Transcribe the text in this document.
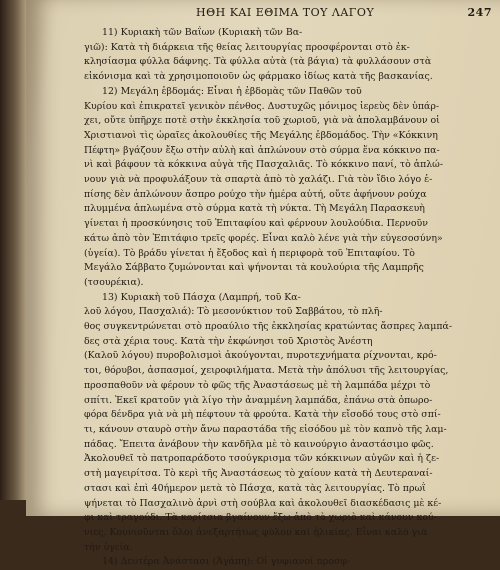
ΗΘΗ ΚΑΙ ΕΘΙΜΑ ΤΟΥ ΛΑΓΟΥ	247
11) Κυριακὴ τῶν Βαΐων (Κυριακὴ τῶν Βα-
γιῶ): Κατὰ τὴ διάρκεια τῆς θείας λειτουργίας προσφέρονται στὸ ἐκ-
κλησίασμα φύλλα δάφνης. Τὰ φύλλα αὐτὰ (τὰ βάγια) τὰ φυλλάσουν στὰ
εἰκόνισμα καὶ τὰ χρησιμοποιοῦν ὡς φάρμακο ἰδίως κατὰ τῆς βασκανίας.
12) Μεγάλη ἑβδομάς: Εἶναι ἡ ἑβδομὰς τῶν Παθῶν τοῦ
Κυρίου καὶ ἐπικρατεῖ γενικὸν πένθος. Δυστυχῶς μόνιμος ἱερεὺς δὲν ὑπάρ-
χει, οὔτε ὑπῆρχε ποτὲ στὴν ἐκκλησία τοῦ χωριοῦ, γιὰ νὰ ἀπολαμβάνουν οἱ
Χριστιανοὶ τὶς ὡραῖες ἀκολουθίες τῆς Μεγάλης ἑβδομάδος. Τὴν «Κόκκινη
Πέφτη» βγάζουν ἔξω στὴν αὐλὴ καὶ ἁπλώνουν στὸ σύρμα ἕνα κόκκινο πα-
νὶ καὶ βάφουν τὰ κόκκινα αὐγὰ τῆς Πασχαλιᾶς. Τὸ κόκκινο πανί, τὸ ἁπλώ-
νουν γιὰ νὰ προφυλάξουν τὰ σπαρτὰ ἀπὸ τὸ χαλάζι. Γιὰ τὸν ἴδιο λόγο ἐ-
πίσης δὲν ἁπλώνουν ἄσπρο ρούχο τὴν ἡμέρα αὐτή, οὔτε ἀφήνουν ρούχα
πλυμμένα ἁπλωμένα στὸ σύρμα κατὰ τὴ νύκτα. Τὴ Μεγάλη Παρασκευὴ
γίνεται ἡ προσκύνησις τοῦ Ἐπιταφίου καὶ φέρνουν λουλούδια. Περνοῦν
κάτω ἀπὸ τὸν Ἐπιτάφιο τρεῖς φορές. Εἶναι καλὸ λένε γιὰ τὴν εὐγεσοσύνη»
(ὑγεία). Τὸ βράδυ γίνεται ἡ ἔξοδος καὶ ἡ περιφορὰ τοῦ Ἐπιταφίου. Τὸ
Μεγάλο Σάββατο ζυμώνονται καὶ ψήνονται τὰ κουλούρια τῆς Λαμπρῆς
(τσουρέκια).
13) Κυριακὴ τοῦ Πάσχα (Λαμπρή, τοῦ Κα-
λοῦ λόγου, Πασχαλιά): Τὸ μεσονύκτιον τοῦ Σαββάτου, τὸ πλῆ-
θος συγκεντρώνεται στὸ προαύλιο τῆς ἐκκλησίας κρατώντας ἄσπρες λαμπά-
δες στὰ χέρια τους. Κατὰ τὴν ἐκφώνησι τοῦ Χριστὸς Ἀνέστη
(Καλοῦ λόγου) πυροβολισμοὶ ἀκούγονται, πυροτεχνήματα ρίχνονται, κρό-
τοι, θόρυβοι, ἀσπασμοί, χειροφιλήματα. Μετὰ τὴν ἀπόλυσι τῆς λειτουργίας,
προσπαθοῦν νὰ φέρουν τὸ φῶς τῆς Ἀναστάσεως μὲ τὴ λαμπάδα μέχρι τὸ
σπίτι. Ἐκεῖ κρατοῦν γιὰ λίγο τὴν ἀναμμένη λαμπάδα, ἐπάνω στὰ ὀπωρο-
φόρα δένδρα γιὰ νὰ μὴ πέφτουν τὰ φρούτα. Κατὰ τὴν εἴσοδό τους στὸ σπί-
τι, κάνουν σταυρὸ στὴν ἄνω παραστάδα τῆς εἰσόδου μὲ τὸν καπνὸ τῆς λαμ-
πάδας. Ἔπειτα ἀνάβουν τὴν κανδῆλα μὲ τὸ καινούργιο ἀναστάσιμο φῶς.
Ἀκολουθεῖ τὸ πατροπαράδοτο τσούγκρισμα τῶν κόκκινων αὐγῶν καὶ ἡ ζε-
στὴ μαγειρίτσα. Τὸ κερὶ τῆς Ἀναστάσεως τὸ χαίουν κατὰ τὴ Δευτεραναί-
στασι καὶ ἐπὶ 40ήμερον μετὰ τὸ Πάσχα, κατὰ τὰς λειτουργίας. Τὸ πρωῒ
ψήνεται τὸ Πασχαλινὸ ἀρνὶ στὴ σούβλα καὶ ἀκολουθεῖ διασκέδασις μὲ κέ-
φι καὶ τραγούδι. Τὰ κορίτσια βγαίνουν ἔξω ἀπὸ τὸ χωριὸ καὶ κάνουν κού-
νιες. Κουνιοῦνται ὅλοι ἀνεξαρτήτως φύλου καὶ ἡλικίας. Εἶναι καλὸ γιὰ
τὴν ὑγεία.
14) Δευτέρα Ἀνάστασι (Ἀγάπη): Οἱ γυφιανοὶ προσφ-
